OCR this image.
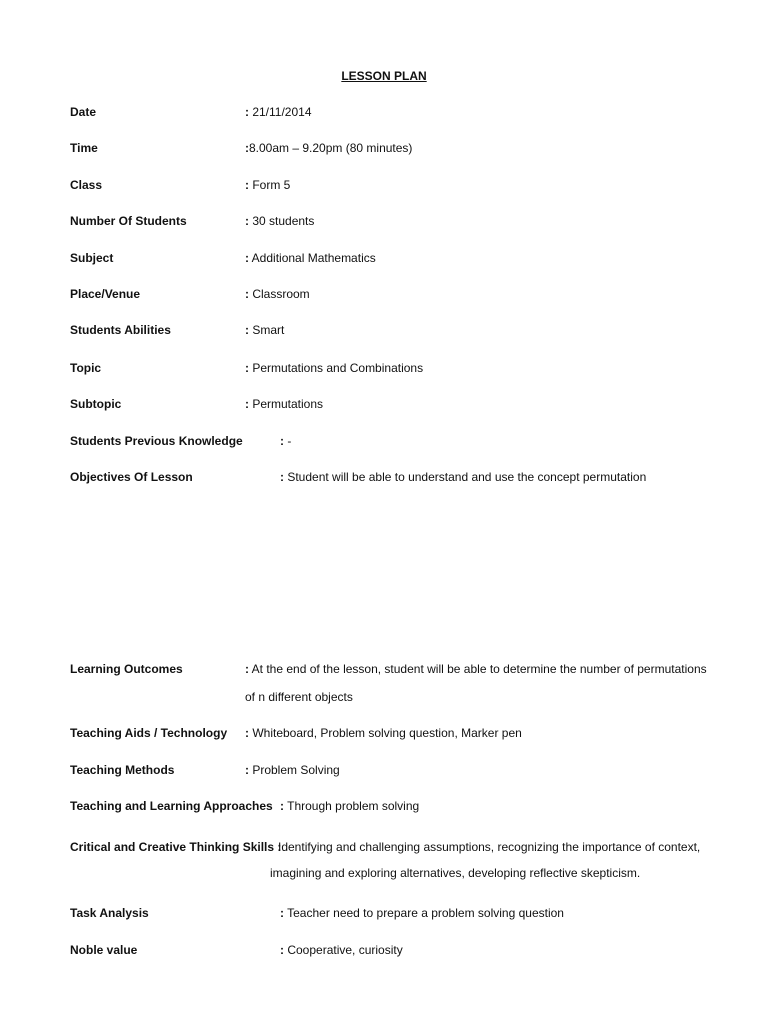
LESSON PLAN
Date	: 21/11/2014
Time	:8.00am – 9.20pm (80 minutes)
Class	: Form 5
Number Of Students	: 30 students
Subject	: Additional Mathematics
Place/Venue	: Classroom
Students Abilities	: Smart
Topic	: Permutations and Combinations
Subtopic	: Permutations
Students Previous Knowledge	: -
Objectives Of Lesson	: Student will be able to understand and use the concept permutation
Learning Outcomes	: At the end of the lesson, student will be able to determine the number of permutations
of n different objects
Teaching Aids / Technology : Whiteboard, Problem solving question, Marker pen
Teaching Methods	: Problem Solving
Teaching and Learning Approaches : Through problem solving
Critical and Creative Thinking Skills :
Identifying and challenging assumptions, recognizing the importance of context,
imagining and exploring alternatives, developing reflective skepticism.
Task Analysis	: Teacher need to prepare a problem solving question
Noble value	: Cooperative, curiosity
